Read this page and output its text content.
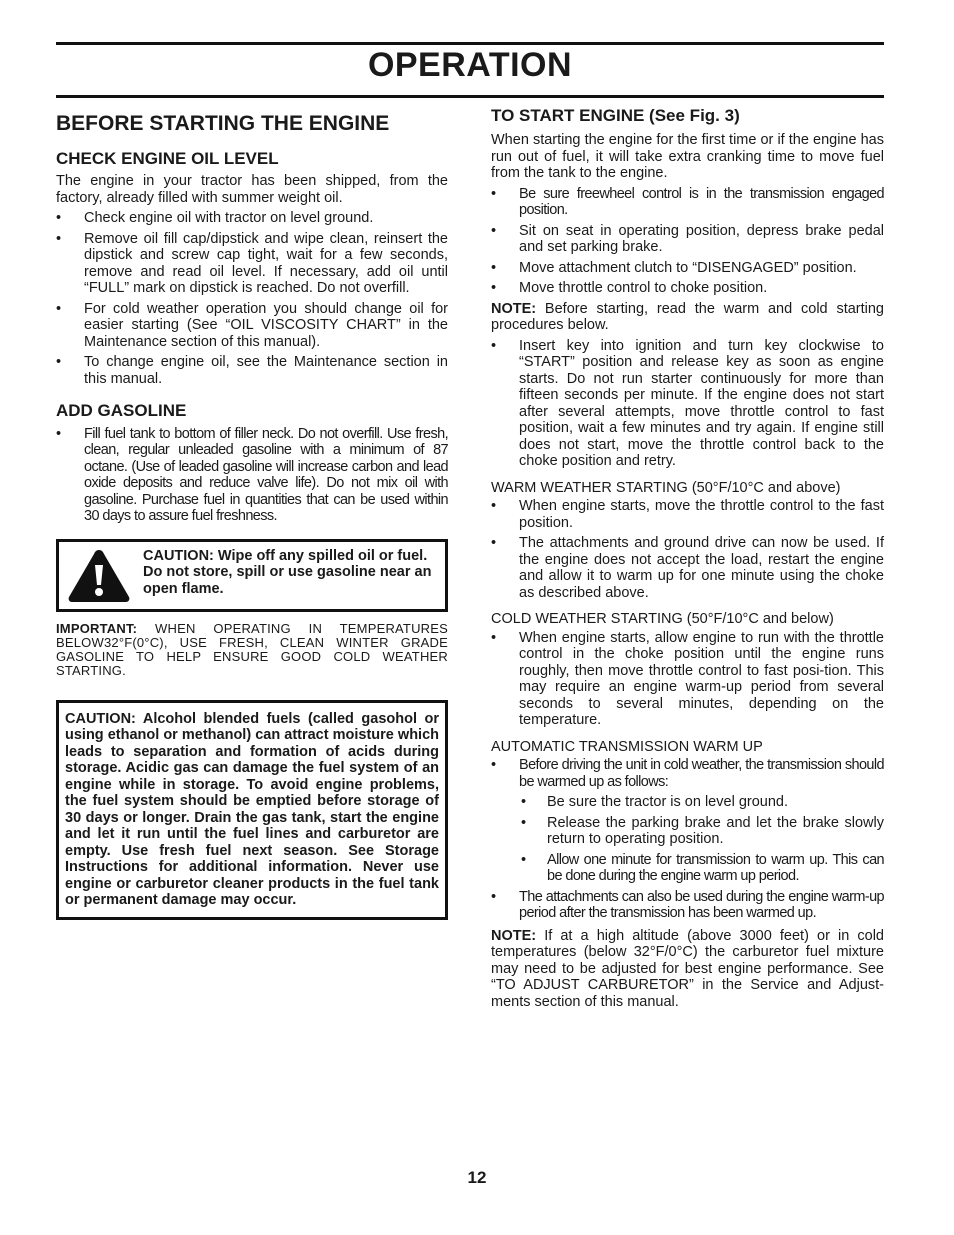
OPERATION
BEFORE STARTING THE ENGINE
CHECK ENGINE OIL LEVEL

The engine in your tractor has been shipped, from the factory, already filled with summer weight oil.

• Check engine oil with tractor on level ground.
• Remove oil fill cap/dipstick and wipe clean, reinsert the dipstick and screw cap tight, wait for a few seconds, remove and read oil level. If necessary, add oil until “FULL” mark on dipstick is reached. Do not overfill.
• For cold weather operation you should change oil for easier starting (See “OIL VISCOSITY CHART” in the Maintenance section of this manual).
• To change engine oil, see the Maintenance section in this manual.
ADD GASOLINE
• Fill fuel tank to bottom of filler neck. Do not overfill. Use fresh, clean, regular unleaded gasoline with a minimum of 87 octane. (Use of leaded gasoline will increase carbon and lead oxide deposits and reduce valve life). Do not mix oil with gasoline. Purchase fuel in quantities that can be used within 30 days to assure fuel freshness.
CAUTION: Wipe off any spilled oil or fuel. Do not store, spill or use gasoline near an open flame.

IMPORTANT: WHEN OPERATING IN TEMPERATURES BELOW32°F(0°C), USE FRESH, CLEAN WINTER GRADE GASOLINE TO HELP ENSURE GOOD COLD WEATHER STARTING.

CAUTION: Alcohol blended fuels (called gasohol or using ethanol or methanol) can attract moisture which leads to separation and formation of acids during storage. Acidic gas can damage the fuel system of an engine while in storage. To avoid engine problems, the fuel system should be emptied before storage of 30 days or longer. Drain the gas tank, start the engine and let it run until the fuel lines and carburetor are empty. Use fresh fuel next season. See Storage Instructions for additional information. Never use engine or carburetor cleaner products in the fuel tank or permanent damage may occur.
TO START ENGINE (See Fig. 3)

When starting the engine for the first time or if the engine has run out of fuel, it will take extra cranking time to move fuel from the tank to the engine.

• Be sure freewheel control is in the transmission engaged position.
• Sit on seat in operating position, depress brake pedal and set parking brake.
• Move attachment clutch to “DISENGAGED” position.
• Move throttle control to choke position.

NOTE: Before starting, read the warm and cold starting procedures below.

• Insert key into ignition and turn key clockwise to “START” position and release key as soon as engine starts. Do not run starter continuously for more than fifteen seconds per minute. If the engine does not start after several attempts, move throttle control to fast position, wait a few minutes and try again. If engine still does not start, move the throttle control back to the choke position and retry.

WARM WEATHER STARTING (50°F/10°C and above)

• When engine starts, move the throttle control to the fast position.
• The attachments and ground drive can now be used. If the engine does not accept the load, restart the engine and allow it to warm up for one minute using the choke as described above.

COLD WEATHER STARTING (50°F/10°C and below)

• When engine starts, allow engine to run with the throttle control in the choke position until the engine runs roughly, then move throttle control to fast posi-tion. This may require an engine warm-up period from several seconds to several minutes, depending on the temperature.

AUTOMATIC TRANSMISSION WARM UP

• Before driving the unit in cold weather, the transmission should be warmed up as follows:
• Be sure the tractor is on level ground.
• Release the parking brake and let the brake slowly return to operating position.
• Allow one minute for transmission to warm up. This can be done during the engine warm up period.
• The attachments can also be used during the engine warm-up period after the transmission has been warmed up.

NOTE: If at a high altitude (above 3000 feet) or in cold temperatures (below 32°F/0°C) the carburetor fuel mixture may need to be adjusted for best engine performance. See “TO ADJUST CARBURETOR” in the Service and Adjust-ments section of this manual.

12
